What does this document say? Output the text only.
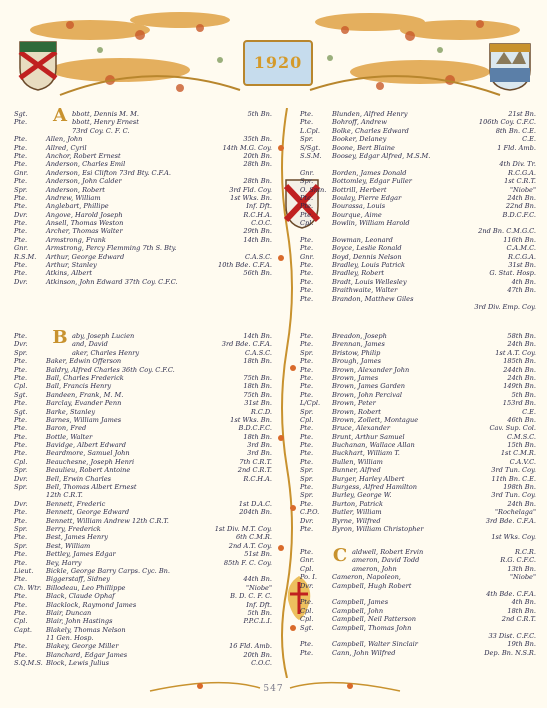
1920
Sgt.	bbott, Dennis M. M.	5th Bn.
Pte.	bbott, Henry Ernest
73rd Coy. C. F. C.
Pte.	Allen, John	35th Bn.
Pte.	Allred, Cyril	14th M.G. Coy.
Pte.	Anchor, Robert Ernest	20th Bn.
Pte.	Anderson, Charles Emil	28th Bn.
Gnr.	Anderson, Esi Clifton 73rd Bty. C.F.A.
Pte.	Anderson, John Calder	28th Bn.
Spr.	Anderson, Robert	3rd Fld. Coy.
Pte.	Andrew, William	1st Wks. Bn.
Pte.	Anglebart, Phillipe	Inf. Dft.
Dvr.	Angove, Harold Joseph	R.C.H.A.
Pte.	Ansell, Thomas Weston	C.O.C.
Pte.	Archer, Thomas Walter	29th Bn.
Pte.	Armstrong, Frank	14th Bn.
Gnr.	Armstrong, Percy Flemming 7th S. Bty.
R.S.M.	Arthur, George Edward	C.A.S.C.
Pte.	Arthur, Stanley	10th Bde. C.F.A.
Pte.	Atkins, Albert	56th Bn.
Dvr.	Atkinson, John Edward 37th Coy. C.F.C.
Pte.	aby, Joseph Lucien	14th Bn.
Dvr.	and, David	3rd Bde. C.F.A.
Spr.	aker, Charles Henry	C.A.S.C.
Pte.	Baker, Edwin Offerson	18th Bn.
Pte.	Baldry, Alfred Charles 36th Coy. C.F.C.
Pte.	Ball, Charles Frederick	75th Bn.
Cpl.	Ball, Francis Henry	18th Bn.
Sgt.	Bandeen, Frank, M. M.	75th Bn.
Pte.	Barclay, Evander Penn	31st Bn.
Sgt.	Barke, Stanley	R.C.D.
Pte.	Barnes, William James	1st Wks. Bn.
Pte.	Baron, Fred	B.D.C.F.C.
Pte.	Bottle, Walter	18th Bn.
Pte.	Bavidge, Albert Edward	3rd Bn.
Pte.	Beardmore, Samuel John	3rd Bn.
Cpl.	Beauchesne, Joseph Henri	7th C.R.T.
Spr.	Beaulieu, Robert Antoine	2nd C.R.T.
Dvr.	Bell, Erwin Charles	R.C.H.A.
Spr.	Bell, Thomas Albert Ernest
12th C.R.T.
Dvr.	Bennett, Frederic	1st D.A.C.
Pte.	Bennett, George Edward	204th Bn.
Pte.	Bennett, William Andrew 12th C.R.T.
Spr.	Berry, Frederick	1st Div. M.T. Coy.
Pte.	Best, James Henry	6th C.M.R.
Spr.	Best, William	2nd A.T. Coy.
Pte.	Bettley, James Edgar	51st Bn.
Pte.	Bey, Harry	85th F. C. Coy.
Lieut.	Bickle, George Barry Carps. Cyc. Bn.
Pte.	Biggerstaff, Sidney	44th Bn.
Ch. Wtr. Billodeau, Leo Phillippe	"Niobe"
Pte.	Black, Claude Ophaf	B. D. C. F. C.
Pte.	Blacklock, Raymond James	Inf. Dft.
Pte.	Blair, Duncan	5th Bn.
Cpl.	Blair, John Hastings	P.P.C.L.I.
Capt.	Blakely, Thomas Nelson
11 Gen. Hosp.
Pte.	Blakey, George Miller	16 Fld. Amb.
Pte.	Blanchard, Edgar James	20th Bn.
S.Q.M.S. Block, Lewis Julius	C.O.C.
Pte.	Blunden, Alfred Henry	21st Bn.
Pte.	Bohroff, Andrew	106th Coy. C.F.C.
L.Cpl.	Bolke, Charles Edward	8th Bn. C.E.
Spr.	Booker, Delaney	C.E.
S/Sgt.	Boone, Bert Blaine	1 Fld. Amb.
S.S.M.	Boosey, Edgar Alfred, M.S.M.
4th Div. Tr.
Gnr.	Borden, James Donald	R.C.G.A.
Spr.	Bottomley, Edgar Fuller	1st C.R.T.
O. Smn. Bottrill, Herbert	"Niobe"
Pte.	Boulay, Pierre Edgar	24th Bn.
Pte.	Bourassa, Louis	22nd Bn.
Pte.	Bourque, Aime	B.D.C.F.C.
Cpl.	Bowlin, William Harold
2nd Bn. C.M.G.C.
Pte.	Bowman, Leonard	116th Bn.
Pte.	Boyce, Leslie Ronald	C.A.M.C.
Gnr.	Boyd, Dennis Nelson	R.C.G.A.
Pte.	Bradley, Louis Patrick	31st Bn.
Pte.	Bradley, Robert	G. Stat. Hosp.
Pte.	Bradt, Louis Wellesley	4th Bn.
Pte.	Braithwaite, Walter	47th Bn.
Pte.	Brandon, Matthew Giles
3rd Div. Emp. Coy.
Pte.	Breadon, Joseph	58th Bn.
Pte.	Brennan, James	24th Bn.
Spr.	Bristow, Philip	1st A.T. Coy.
Pte.	Brough, James	185th Bn.
Pte.	Brown, Alexander John	244th Bn.
Pte.	Brown, James	24th Bn.
Pte.	Brown, James Garden	149th Bn.
Pte.	Brown, John Percival	5th Bn.
L/Cpl.	Brown, Peter	153rd Bn.
Spr.	Brown, Robert	C.E.
Cpl.	Brown, Zollett, Montague	46th Bn.
Pte.	Bruce, Alexander	Cav. Sup. Col.
Pte.	Brunt, Arthur Samuel	C.M.S.C.
Pte.	Buchanan, Wallace Allan	15th Bn.
Pte.	Buckhart, William T.	1st C.M.R.
Pte.	Bullen, William	C.A.V.C.
Spr.	Bunner, Alfred	3rd Tun. Coy.
Spr.	Burger, Harley Albert	11th Bn. C.E.
Pte.	Burgess, Alfred Hamilton	198th Bn.
Spr.	Burley, George W.	3rd Tun. Coy.
Pte.	Burton, Patrick	24th Bn.
C.P.O.	Butler, William	"Rochelaga"
Dvr.	Byrne, Wilfred	3rd Bde. C.F.A.
Pte.	Byron, William Christopher
1st Wks. Coy.
Pte.	aldwell, Robert Ervin	R.C.R.
Gnr.	ameron, David Todd	R.G. C.F.C.
Cpl.	ameron, John	13th Bn.
Po. I.	Cameron, Napoleon,	"Niobe"
Dvr.	Campbell, Hugh Robert
4th Bde. C.F.A.
Pte.	Campbell, James	4th Bn.
Cpl.	Campbell, John	18th Bn.
Cpl.	Campbell, Neil Patterson	2nd C.R.T.
Sgt.	Campbell, Thomas John
33 Dist. C.F.C.
Pte.	Campbell, Walter Sinclair	19th Bn.
Pte.	Cann, John Wilfred	Dep. Bn. N.S.R.
A
B
C
547
